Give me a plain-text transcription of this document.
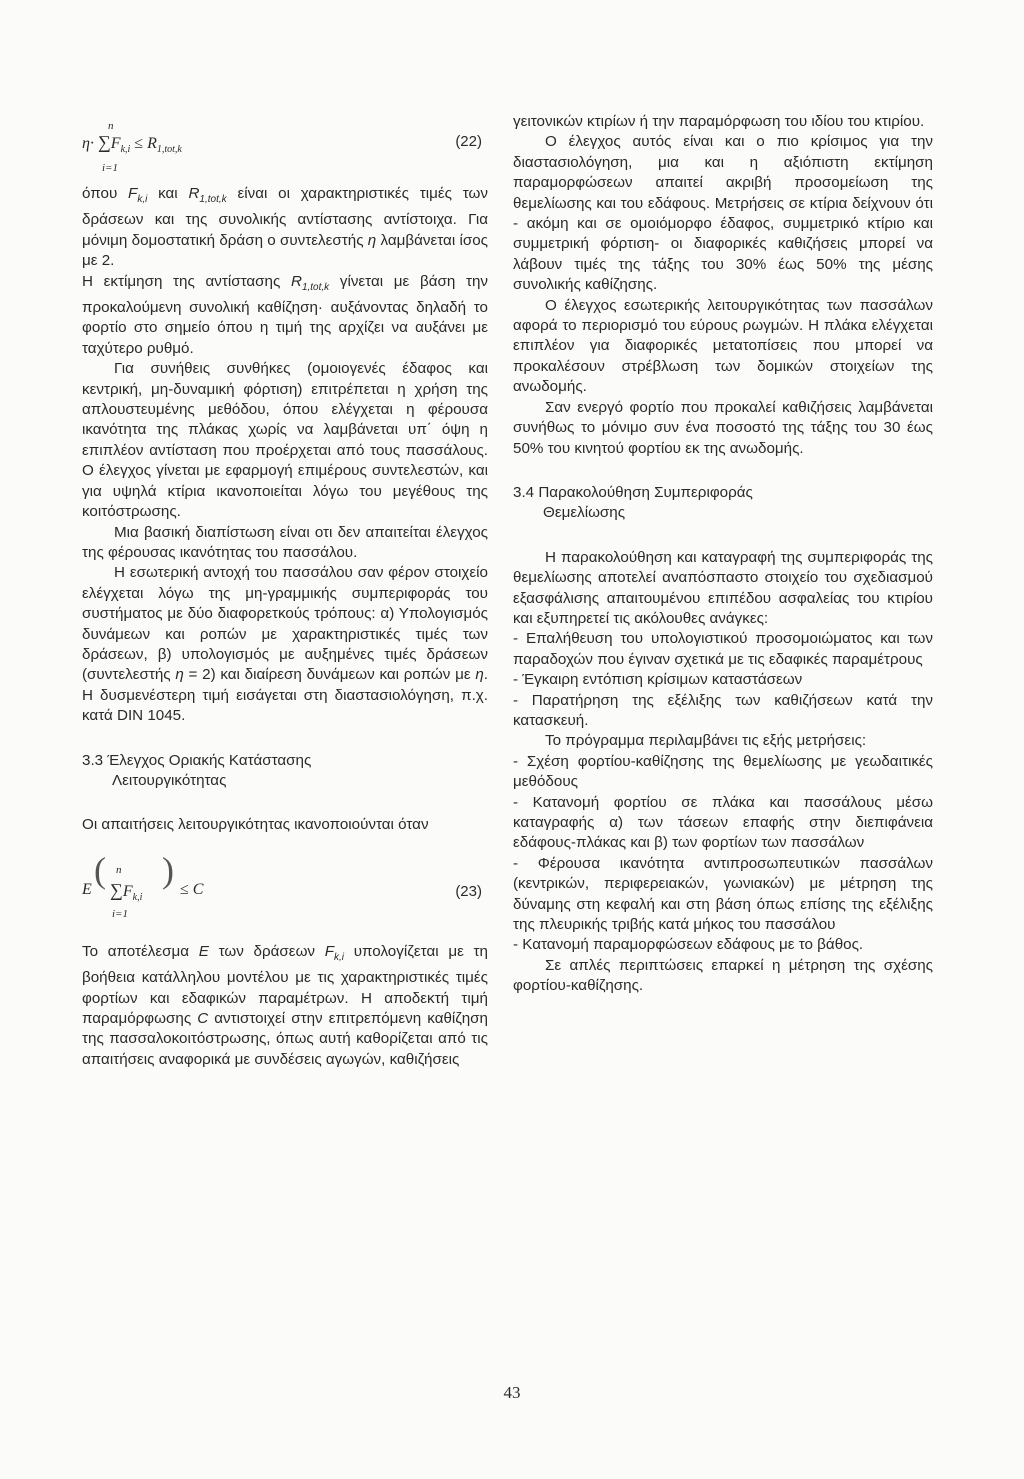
n
$\eta\cdot \sum F_{k,i} \le R_{1,tot,k}$
i=1
(22)

όπου $F_{k,i}$ και $R_{1,tot,k}$ είναι οι χαρακτηριστικές τιμές των δράσεων και της συνολικής αντίστασης αντίστοιχα. Για μόνιμη δομοστατική δράση ο συντελεστής η λαμβάνεται ίσος με 2.

Η εκτίμηση της αντίστασης $R_{1,tot,k}$ γίνεται με βάση την προκαλούμενη συνολική καθίζηση· αυξάνοντας δηλαδή το φορτίο στο σημείο όπου η τιμή της αρχίζει να αυξάνει με ταχύτερο ρυθμό.

Για συνήθεις συνθήκες (ομοιογενές έδαφος και κεντρική, μη-δυναμική φόρτιση) επιτρέπεται η χρήση της απλουστευμένης μεθόδου, όπου ελέγχεται η φέρουσα ικανότητα της πλάκας χωρίς να λαμβάνεται υπ΄ όψη η επιπλέον αντίσταση που προέρχεται από τους πασσάλους. Ο έλεγχος γίνεται με εφαρμογή επιμέρους συντελεστών, και για υψηλά κτίρια ικανοποιείται λόγω του μεγέθους της κοιτόστρωσης.

Μια βασική διαπίστωση είναι οτι δεν απαιτείται έλεγχος της φέρουσας ικανότητας του πασσάλου.

Η εσωτερική αντοχή του πασσάλου σαν φέρον στοιχείο ελέγχεται λόγω της μη-γραμμικής συμπεριφοράς του συστήματος με δύο διαφορετκούς τρόπους: α) Υπολογισμός δυνάμεων και ροπών με χαρακτηριστικές τιμές των δράσεων, β) υπολογισμός με αυξημένες τιμές δράσεων (συντελεστής η = 2) και διαίρεση δυνάμεων και ροπών με η. Η δυσμενέστερη τιμή εισάγεται στη διαστασιολόγηση, π.χ. κατά DIN 1045.

3.3 Έλεγχος Οριακής Κατάστασης
Λειτουργικότητας

Οι απαιτήσεις λειτουργικότητας ικανοποιούνται όταν

E ( n
$\sum F_{k,i}$
i=1
) ≤ C	(23)

Το αποτέλεσμα E των δράσεων $F_{k,i}$ υπολογίζεται με τη βοήθεια κατάλληλου μοντέλου με τις χαρακτηριστικές τιμές φορτίων και εδαφικών παραμέτρων. Η αποδεκτή τιμή παραμόρφωσης C αντιστοιχεί στην επιτρεπόμενη καθίζηση της πασσαλοκοιτόστρωσης, όπως αυτή καθορίζεται από τις απαιτήσεις αναφορικά με συνδέσεις αγωγών, καθιζήσεις

γειτονικών κτιρίων ή την παραμόρφωση του ιδίου του κτιρίου.

Ο έλεγχος αυτός είναι και ο πιο κρίσιμος για την διαστασιολόγηση, μια και η αξιόπιστη εκτίμηση παραμορφώσεων απαιτεί ακριβή προσομείωση της θεμελίωσης και του εδάφους. Μετρήσεις σε κτίρια δείχνουν ότι - ακόμη και σε ομοιόμορφο έδαφος, συμμετρικό κτίριο και συμμετρική φόρτιση- οι διαφορικές καθιζήσεις μπορεί να λάβουν τιμές της τάξης του 30% έως 50% της μέσης συνολικής καθίζησης.

Ο έλεγχος εσωτερικής λειτουργικότητας των πασσάλων αφορά το περιορισμό του εύρους ρωγμών. Η πλάκα ελέγχεται επιπλέον για διαφορικές μετατοπίσεις που μπορεί να προκαλέσουν στρέβλωση των δομικών στοιχείων της ανωδομής.

Σαν ενεργό φορτίο που προκαλεί καθιζήσεις λαμβάνεται συνήθως το μόνιμο συν ένα ποσοστό της τάξης του 30 έως 50% του κινητού φορτίου εκ της ανωδομής.

3.4 Παρακολούθηση Συμπεριφοράς
Θεμελίωσης

Η παρακολούθηση και καταγραφή της συμπεριφοράς της θεμελίωσης αποτελεί αναπόσπαστο στοιχείο του σχεδιασμού εξασφάλισης απαιτουμένου επιπέδου ασφαλείας του κτιρίου και εξυπηρετεί τις ακόλουθες ανάγκες:

- Επαλήθευση του υπολογιστικού προσομοιώματος και των παραδοχών που έγιναν σχετικά με τις εδαφικές παραμέτρους

- Έγκαιρη εντόπιση κρίσιμων καταστάσεων

- Παρατήρηση της εξέλιξης των καθιζήσεων κατά την κατασκευή.

Το πρόγραμμα περιλαμβάνει τις εξής μετρήσεις:

- Σχέση φορτίου-καθίζησης της θεμελίωσης με γεωδαιτικές μεθόδους

- Κατανομή φορτίου σε πλάκα και πασσάλους μέσω καταγραφής α) των τάσεων επαφής στην διεπιφάνεια εδάφους-πλάκας και β) των φορτίων των πασσάλων

- Φέρουσα ικανότητα αντιπροσωπευτικών πασσάλων (κεντρικών, περιφερειακών, γωνιακών) με μέτρηση της δύναμης στη κεφαλή και στη βάση όπως επίσης της εξέλιξης της πλευρικής τριβής κατά μήκος του πασσάλου

- Κατανομή παραμορφώσεων εδάφους με το βάθος.

Σε απλές περιπτώσεις επαρκεί η μέτρηση της σχέσης φορτίου-καθίζησης.

43
